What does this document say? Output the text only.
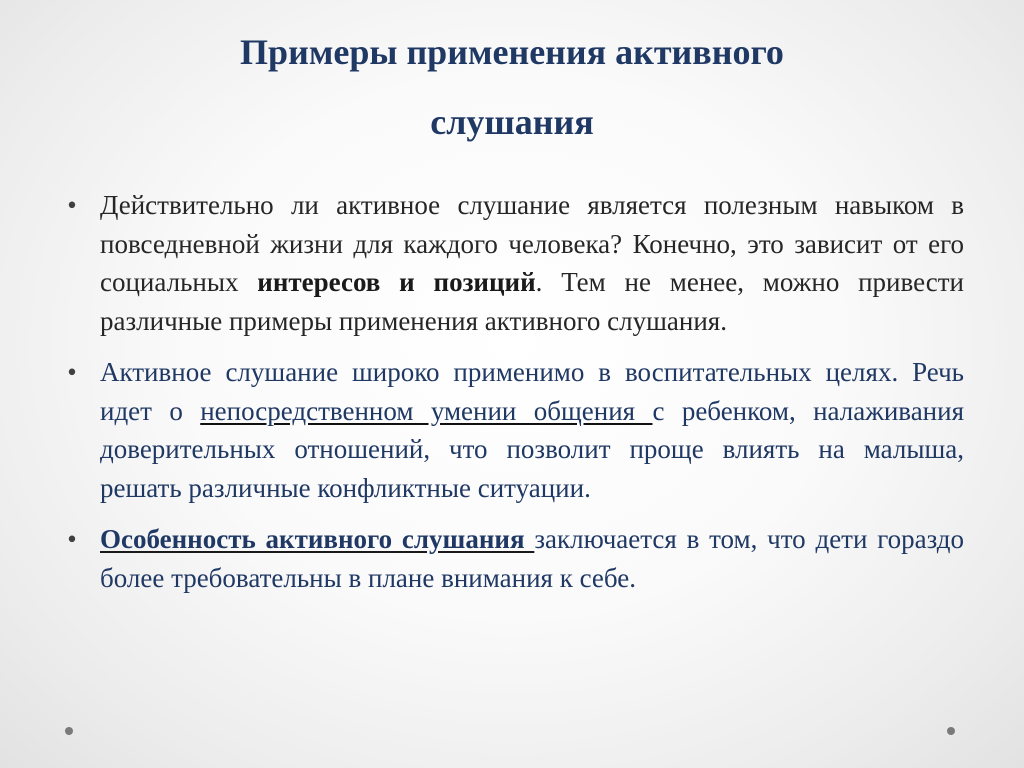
Примеры применения активного
слушания
• Действительно ли активное слушание является полезным навыком в повседневной жизни для каждого человека? Конечно, это зависит от его социальных интересов и позиций. Тем не менее, можно привести различные примеры применения активного слушания.
• Активное слушание широко применимо в воспитательных целях. Речь идет о непосредственном умении общения с ребенком, налаживания доверительных отношений, что позволит проще влиять на малыша, решать различные конфликтные ситуации.
• Особенность активного слушания заключается в том, что дети гораздо более требовательны в плане внимания к себе.
